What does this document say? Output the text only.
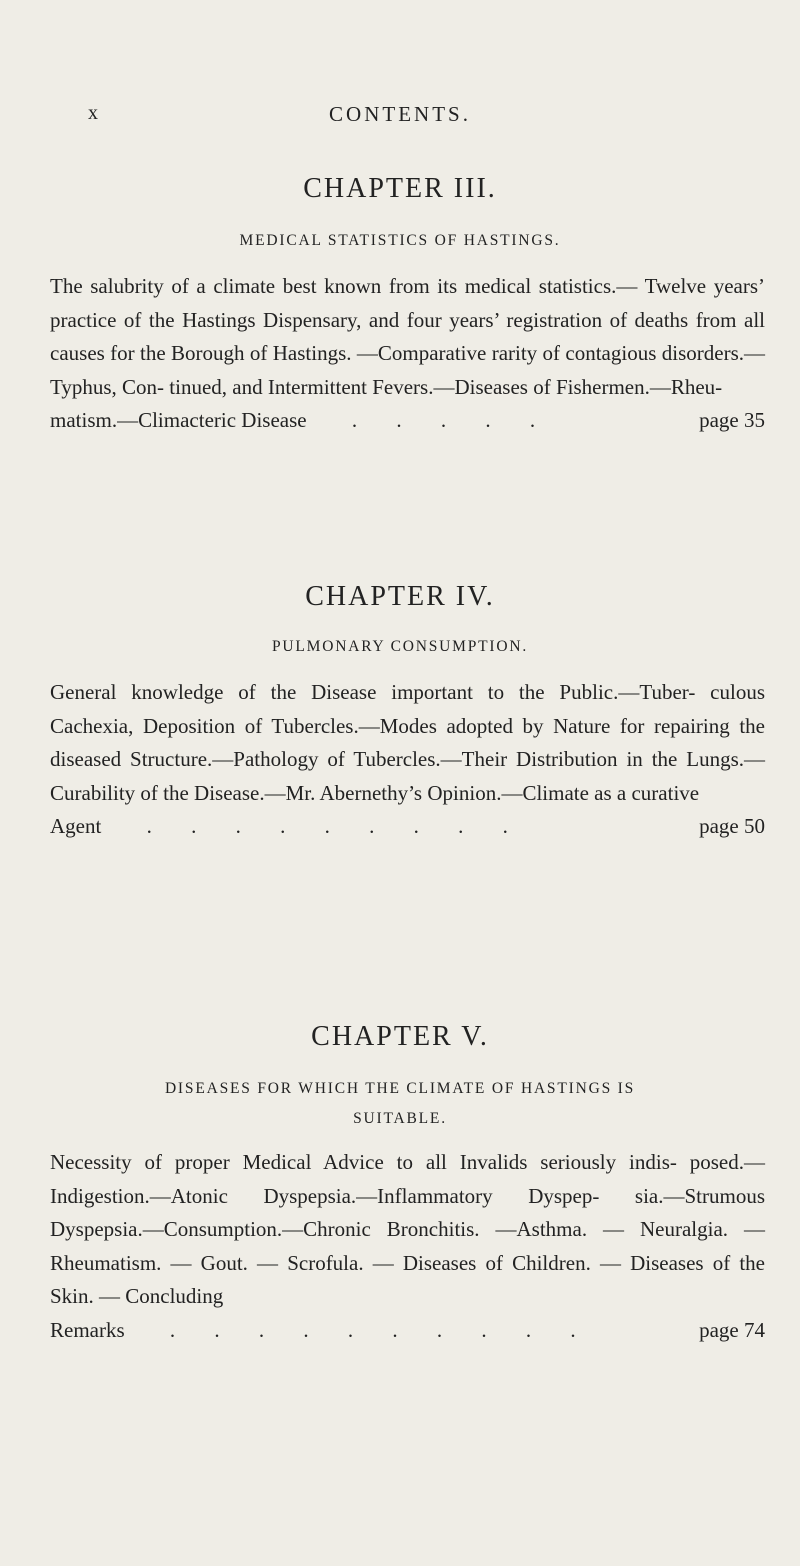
x	CONTENTS.
CHAPTER III.

MEDICAL STATISTICS OF HASTINGS.

The salubrity of a climate best known from its medical statistics.— Twelve years’ practice of the Hastings Dispensary, and four years’ registration of deaths from all causes for the Borough of Hastings. —Comparative rarity of contagious disorders.—Typhus, Con- tinued, and Intermittent Fevers.—Diseases of Fishermen.—Rheu-
matism.—Climacteric Disease . . . . .	page 35
CHAPTER IV.

PULMONARY CONSUMPTION.

General knowledge of the Disease important to the Public.—Tuber- culous Cachexia, Deposition of Tubercles.—Modes adopted by Nature for repairing the diseased Structure.—Pathology of Tubercles.—Their Distribution in the Lungs.—Curability of the Disease.—Mr. Abernethy’s Opinion.—Climate as a curative
Agent . . . . . . . . .	page 50
CHAPTER V.

DISEASES FOR WHICH THE CLIMATE OF HASTINGS IS

SUITABLE.

Necessity of proper Medical Advice to all Invalids seriously indis- posed.—Indigestion.—Atonic Dyspepsia.—Inflammatory Dyspep- sia.—Strumous Dyspepsia.—Consumption.—Chronic Bronchitis. —Asthma. — Neuralgia. — Rheumatism. — Gout. — Scrofula. — Diseases of Children. — Diseases of the Skin. — Concluding
Remarks . . . . . . . . . .	page 74
